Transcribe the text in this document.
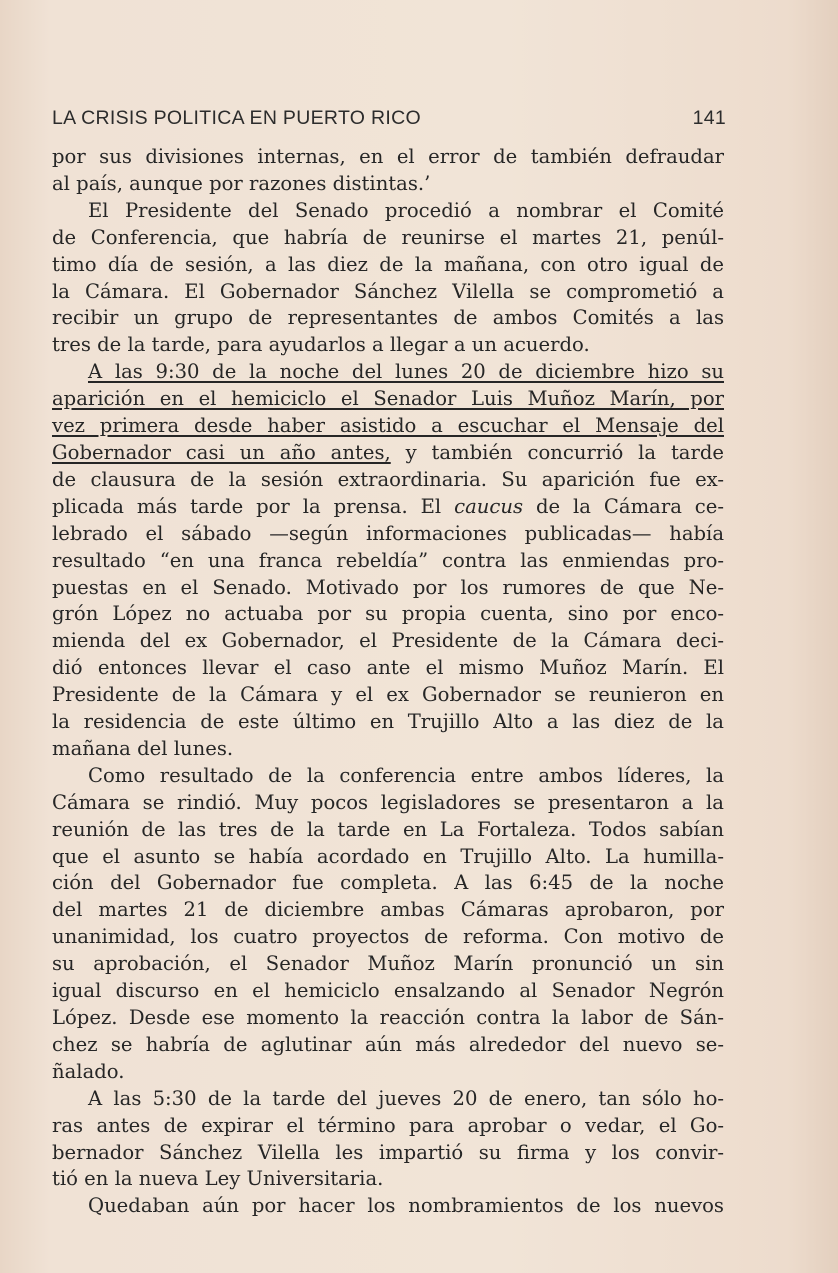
LA CRISIS POLITICA EN PUERTO RICO	141

por sus divisiones internas, en el error de también defraudar

al país, aunque por razones distintas.’

El Presidente del Senado procedió a nombrar el Comité

de Conferencia, que habría de reunirse el martes 21, penúl-

timo día de sesión, a las diez de la mañana, con otro igual de

la Cámara. El Gobernador Sánchez Vilella se comprometió a

recibir un grupo de representantes de ambos Comités a las

tres de la tarde, para ayudarlos a llegar a un acuerdo.

A las 9:30 de la noche del lunes 20 de diciembre hizo su

aparición en el hemiciclo el Senador Luis Muñoz Marín, por

vez primera desde haber asistido a escuchar el Mensaje del

Gobernador casi un año antes, y también concurrió la tarde

de clausura de la sesión extraordinaria. Su aparición fue ex-

plicada más tarde por la prensa. El caucus de la Cámara ce-

lebrado el sábado —según informaciones publicadas— había

resultado “en una franca rebeldía” contra las enmiendas pro-

puestas en el Senado. Motivado por los rumores de que Ne-

grón López no actuaba por su propia cuenta, sino por enco-

mienda del ex Gobernador, el Presidente de la Cámara deci-

dió entonces llevar el caso ante el mismo Muñoz Marín. El

Presidente de la Cámara y el ex Gobernador se reunieron en

la residencia de este último en Trujillo Alto a las diez de la

mañana del lunes.

Como resultado de la conferencia entre ambos líderes, la

Cámara se rindió. Muy pocos legisladores se presentaron a la

reunión de las tres de la tarde en La Fortaleza. Todos sabían

que el asunto se había acordado en Trujillo Alto. La humilla-

ción del Gobernador fue completa. A las 6:45 de la noche

del martes 21 de diciembre ambas Cámaras aprobaron, por

unanimidad, los cuatro proyectos de reforma. Con motivo de

su aprobación, el Senador Muñoz Marín pronunció un sin

igual discurso en el hemiciclo ensalzando al Senador Negrón

López. Desde ese momento la reacción contra la labor de Sán-

chez se habría de aglutinar aún más alrededor del nuevo se-

ñalado.

A las 5:30 de la tarde del jueves 20 de enero, tan sólo ho-

ras antes de expirar el término para aprobar o vedar, el Go-

bernador Sánchez Vilella les impartió su firma y los convir-

tió en la nueva Ley Universitaria.

Quedaban aún por hacer los nombramientos de los nuevos
